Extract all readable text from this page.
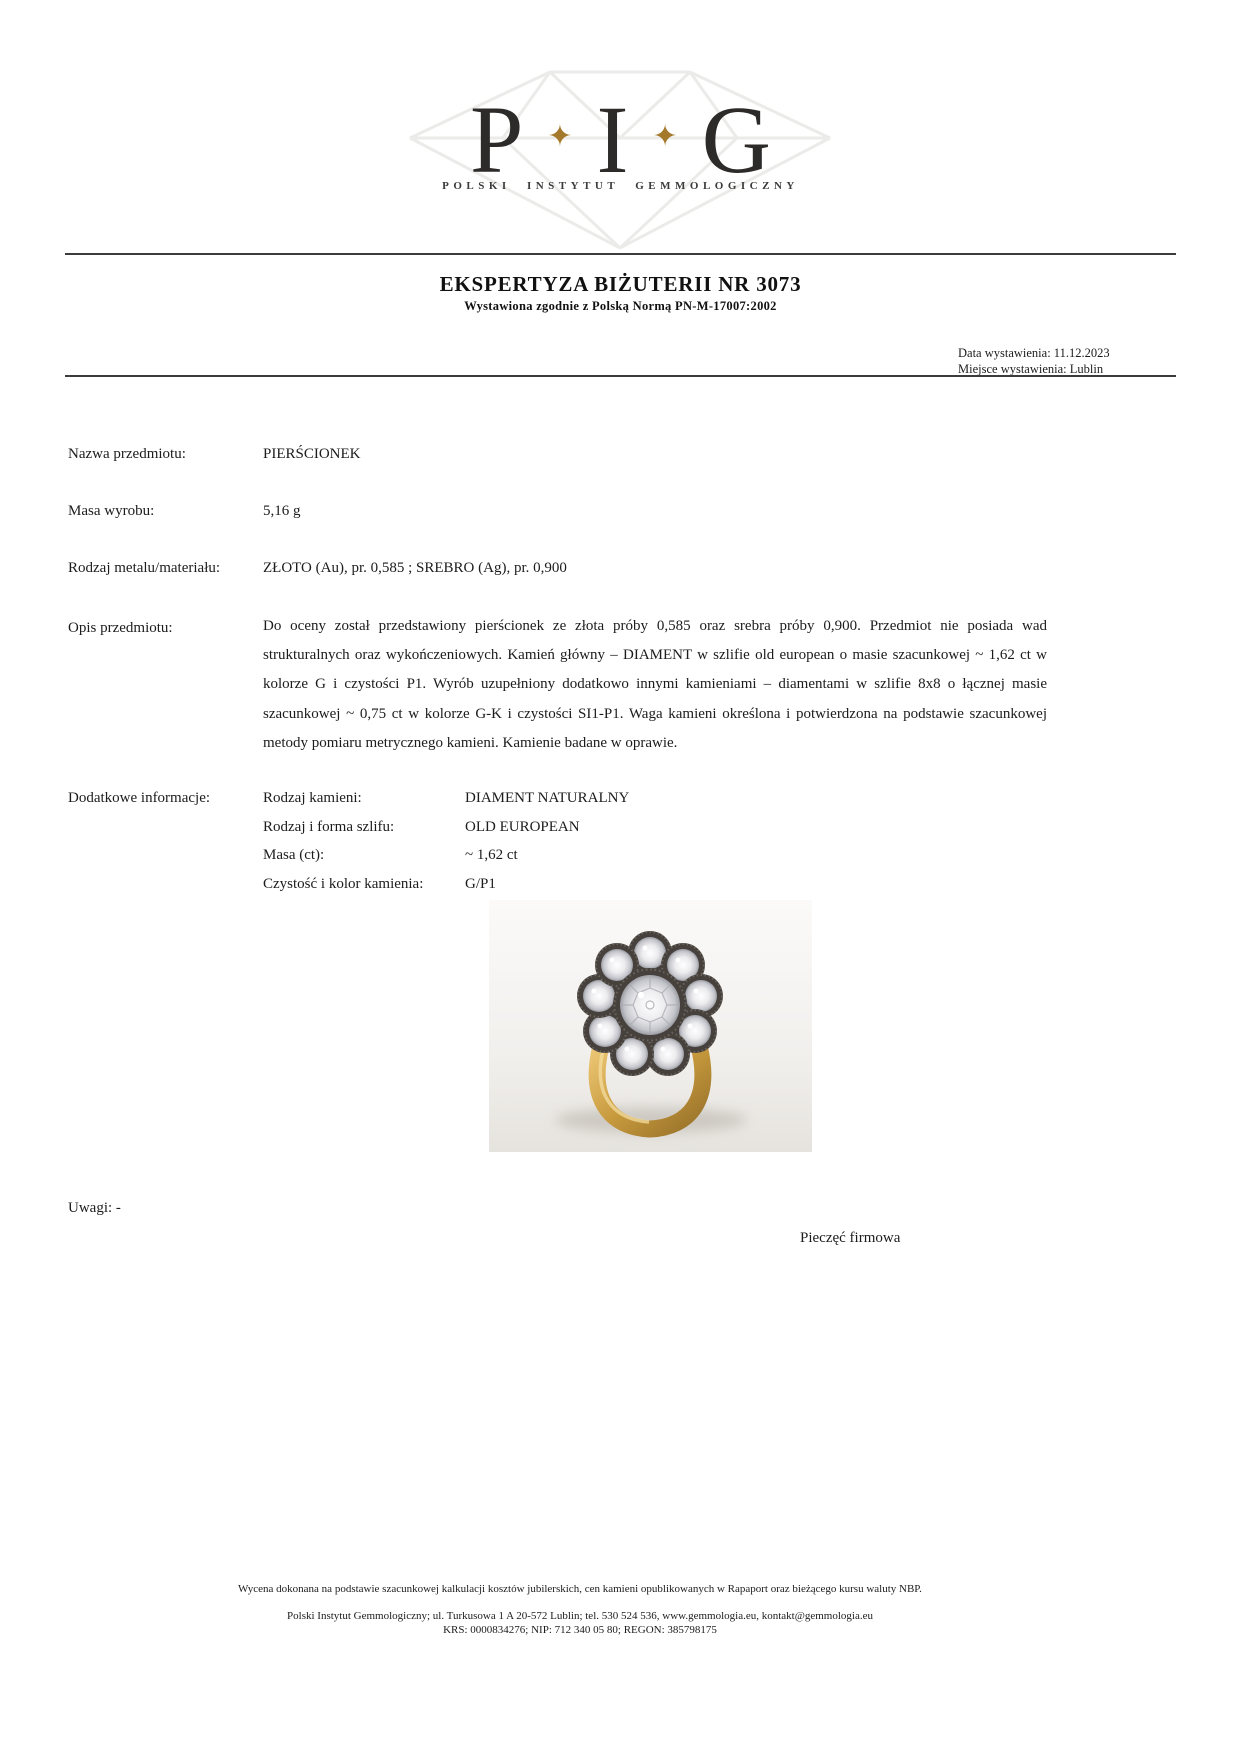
P ✦ I ✦ G
POLSKI INSTYTUT GEMMOLOGICZNY
EKSPERTYZA BIŻUTERII NR 3073
Wystawiona zgodnie z Polską Normą PN-M-17007:2002
Data wystawienia: 11.12.2023
Miejsce wystawienia: Lublin
Nazwa przedmiotu:	PIERŚCIONEK
Masa wyrobu:	5,16 g
Rodzaj metalu/materiału:	ZŁOTO (Au), pr. 0,585 ; SREBRO (Ag), pr. 0,900
Opis przedmiotu:	Do oceny został przedstawiony pierścionek ze złota próby 0,585 oraz srebra próby 0,900. Przedmiot nie posiada wad strukturalnych oraz wykończeniowych. Kamień główny – DIAMENT w szlifie old european o masie szacunkowej ~ 1,62 ct w kolorze G i czystości P1. Wyrób uzupełniony dodatkowo innymi kamieniami – diamentami w szlifie 8x8 o łącznej masie szacunkowej ~ 0,75 ct w kolorze G-K i czystości SI1-P1. Waga kamieni określona i potwierdzona na podstawie szacunkowej metody pomiaru metrycznego kamieni. Kamienie badane w oprawie.
Dodatkowe informacje:	Rodzaj kamieni:	DIAMENT NATURALNY
Rodzaj i forma szlifu:	OLD EUROPEAN
Masa (ct):	~ 1,62 ct
Czystość i kolor kamienia:	G/P1
Uwagi: -
Pieczęć firmowa
Wycena dokonana na podstawie szacunkowej kalkulacji kosztów jubilerskich, cen kamieni opublikowanych w Rapaport oraz bieżącego kursu waluty NBP.
Polski Instytut Gemmologiczny; ul. Turkusowa 1 A 20-572 Lublin; tel. 530 524 536, www.gemmologia.eu, kontakt@gemmologia.eu
KRS: 0000834276; NIP: 712 340 05 80; REGON: 385798175
